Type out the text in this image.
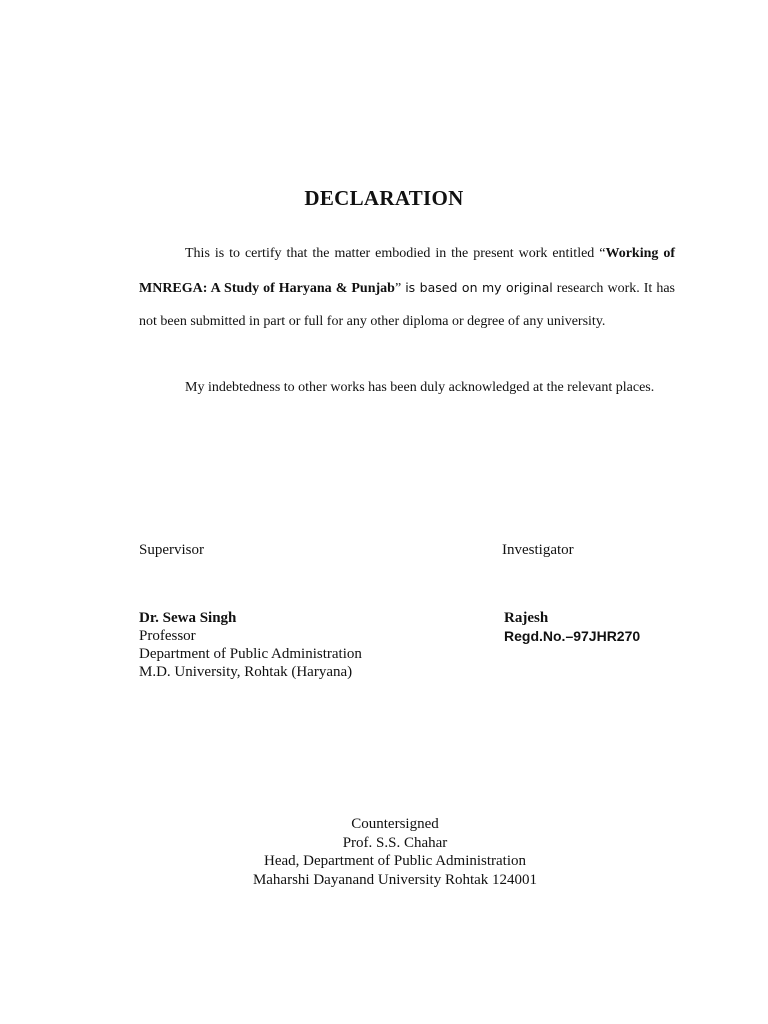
DECLARATION

This is to certify that the matter embodied in the present work entitled “Working of MNREGA: A Study of Haryana & Punjab” is based on my original research work. It has not been submitted in part or full for any other diploma or degree of any university.

My indebtedness to other works has been duly acknowledged at the relevant places.

Supervisor	Investigator

Dr. Sewa Singh
Professor
Department of Public Administration
M.D. University, Rohtak (Haryana)
Rajesh
Regd.No.–97JHR270
Countersigned
Prof. S.S. Chahar
Head, Department of Public Administration
Maharshi Dayanand University Rohtak 124001
